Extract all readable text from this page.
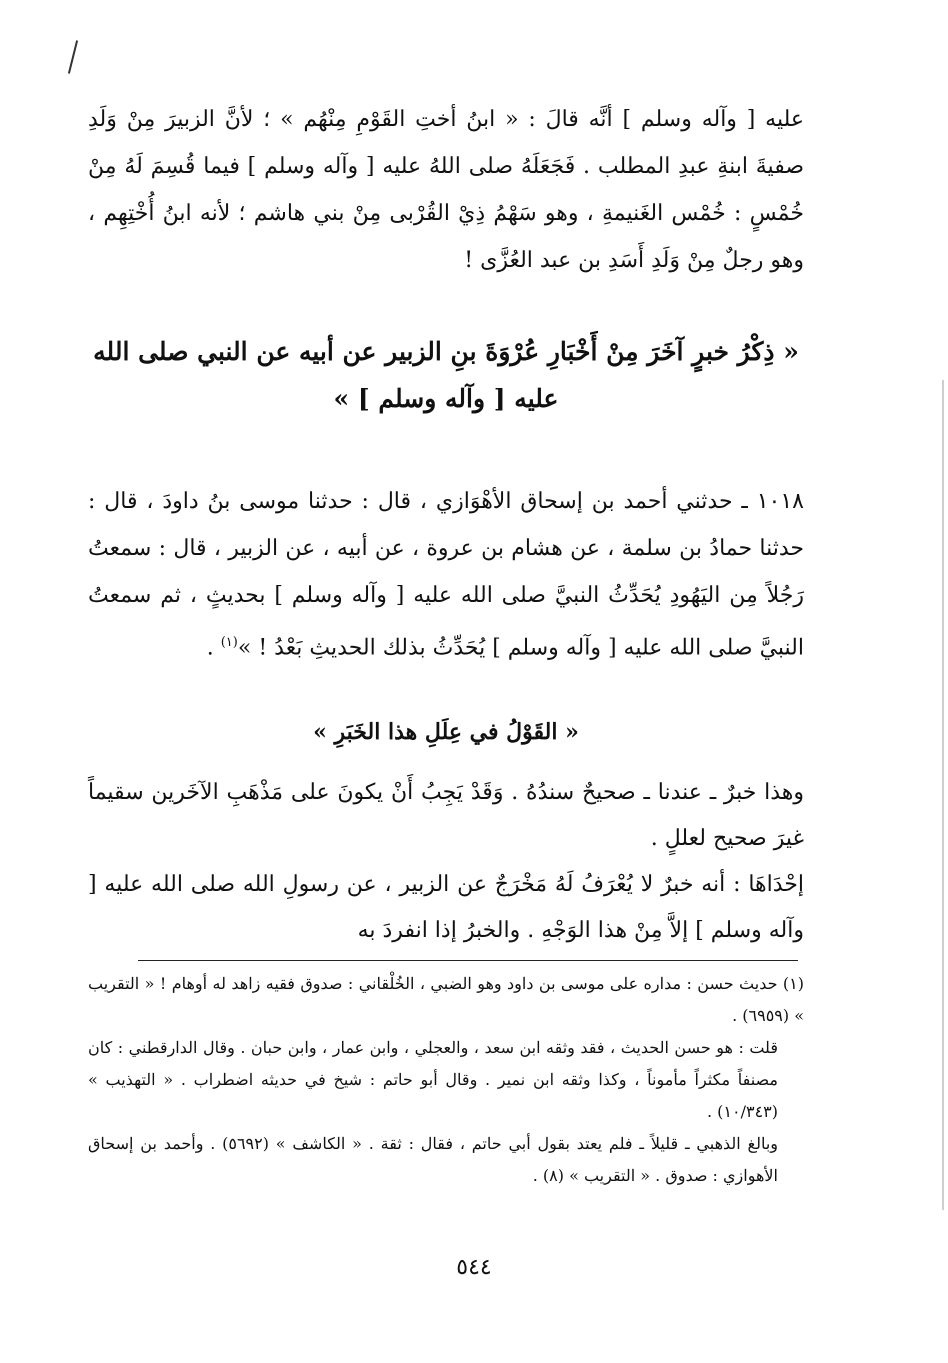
عليه [ وآله وسلم ] أنَّه قالَ : « ابنُ أختِ القَوْمِ مِنْهُم » ؛ لأنَّ الزبيرَ مِنْ وَلَدِ صفيةَ ابنةِ عبدِ المطلب . فَجَعَلَهُ صلى اللهُ عليه [ وآله وسلم ] فيما قُسِمَ لَهُ مِنْ خُمْسٍ : خُمْس الغَنيمةِ ، وهو سَهْمُ ذِيْ القُرْبى مِنْ بني هاشم ؛ لأنه ابنُ أُخْتِهِم ، وهو رجلٌ مِنْ وَلَدِ أَسَدِ بن عبد العُزَّى !

« ذِكْرُ خبرٍ آخَرَ مِنْ أَخْبَارِ عُرْوَةَ بنِ الزبير عن أبيه عن النبي صلى الله عليه [ وآله وسلم ] »

١٠١٨ ـ حدثني أحمد بن إسحاق الأهْوَازي ، قال : حدثنا موسى بنُ داودَ ، قال : حدثنا حمادُ بن سلمة ، عن هشام بن عروة ، عن أبيه ، عن الزبير ، قال : سمعتُ رَجُلاً مِن اليَهُودِ يُحَدِّثُ النبيَّ صلى الله عليه [ وآله وسلم ] بحديثٍ ، ثم سمعتُ النبيَّ صلى الله عليه [ وآله وسلم ] يُحَدِّثُ بذلك الحديثِ بَعْدُ ! »$^{(١)}$ .

« القَوْلُ في عِلَلِ هذا الخَبَرِ »

وهذا خبرٌ ـ عندنا ـ صحيحٌ سندُهُ . وَقَدْ يَجِبُ أَنْ يكونَ على مَذْهَبِ الآخَرين سقيماً غيرَ صحيح لعللٍ .

إحْدَاهَا : أنه خبرٌ لا يُعْرَفُ لَهُ مَخْرَجٌ عن الزبير ، عن رسولِ الله صلى الله عليه [ وآله وسلم ] إلاَّ مِنْ هذا الوَجْهِ . والخبرُ إذا انفردَ به

(١) حديث حسن : مداره على موسى بن داود وهو الضبي ، الخُلْقاني : صدوق فقيه زاهد له أوهام ! « التقريب » (٦٩٥٩) .

قلت : هو حسن الحديث ، فقد وثقه ابن سعد ، والعجلي ، وابن عمار ، وابن حبان . وقال الدارقطني : كان مصنفاً مكثراً مأموناً ، وكذا وثقه ابن نمير . وقال أبو حاتم : شيخ في حديثه اضطراب . « التهذيب » (١٠/٣٤٣) .

وبالغ الذهبي ـ قليلاً ـ فلم يعتد بقول أبي حاتم ، فقال : ثقة . « الكاشف » (٥٦٩٢) . وأحمد بن إسحاق الأهوازي : صدوق . « التقريب » (٨) .

٥٤٤
